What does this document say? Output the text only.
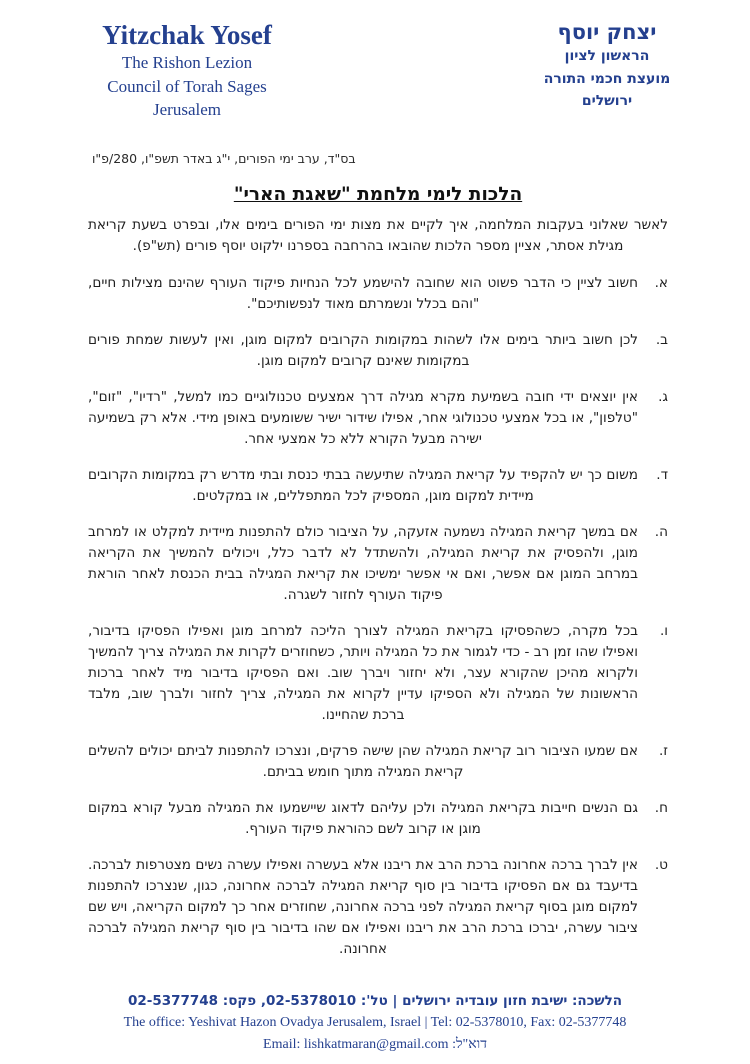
Yitzchak Yosef
The Rishon Lezion
Council of Torah Sages
Jerusalem
יצחק יוסף
הראשון לציון
מועצת חכמי התורה
ירושלים
בס"ד, ערב ימי הפורים, י"ג באדר תשפ"ו, 280/פ"ו
הלכות לימי מלחמת "שאגת הארי"
לאשר שאלוני בעקבות המלחמה, איך לקיים את מצות ימי הפורים בימים אלו, ובפרט בשעת קריאת מגילת אסתר, אציין מספר הלכות שהובאו בהרחבה בספרנו ילקוט יוסף פורים (תש"פ).
א.
חשוב לציין כי הדבר פשוט הוא שחובה להישמע לכל הנחיות פיקוד העורף שהינם מצילות חיים, "והם בכלל ונשמרתם מאוד לנפשותיכם".
ב.
לכן חשוב ביותר בימים אלו לשהות במקומות הקרובים למקום מוגן, ואין לעשות שמחת פורים במקומות שאינם קרובים למקום מוגן.
ג.
אין יוצאים ידי חובה בשמיעת מקרא מגילה דרך אמצעים טכנולוגיים כמו למשל, "רדיו", "זום", "טלפון", או בכל אמצעי טכנולוגי אחר, אפילו שידור ישיר ששומעים באופן מידי. אלא רק בשמיעה ישירה מבעל הקורא ללא כל אמצעי אחר.
ד.
משום כך יש להקפיד על קריאת המגילה שתיעשה בבתי כנסת ובתי מדרש רק במקומות הקרובים מיידית למקום מוגן, המספיק לכל המתפללים, או במקלטים.
ה.
אם במשך קריאת המגילה נשמעה אזעקה, על הציבור כולם להתפנות מיידית למקלט או למרחב מוגן, ולהפסיק את קריאת המגילה, ולהשתדל לא לדבר כלל, ויכולים להמשיך את הקריאה במרחב המוגן אם אפשר, ואם אי אפשר ימשיכו את קריאת המגילה בבית הכנסת לאחר הוראת פיקוד העורף לחזור לשגרה.
ו.
בכל מקרה, כשהפסיקו בקריאת המגילה לצורך הליכה למרחב מוגן ואפילו הפסיקו בדיבור, ואפילו שהו זמן רב - כדי לגמור את כל המגילה ויותר, כשחוזרים לקרות את המגילה צריך להמשיך ולקרוא מהיכן שהקורא עצר, ולא יחזור ויברך שוב. ואם הפסיקו בדיבור מיד לאחר ברכות הראשונות של המגילה ולא הספיקו עדיין לקרוא את המגילה, צריך לחזור ולברך שוב, מלבד ברכת שהחיינו.
ז.
אם שמעו הציבור רוב קריאת המגילה שהן שישה פרקים, ונצרכו להתפנות לביתם יכולים להשלים קריאת המגילה מתוך חומש בביתם.
ח.
גם הנשים חייבות בקריאת המגילה ולכן עליהם לדאוג שיישמעו את המגילה מבעל קורא במקום מוגן או קרוב לשם כהוראת פיקוד העורף.
ט.
אין לברך ברכה אחרונה ברכת הרב את ריבנו אלא בעשרה ואפילו עשרה נשים מצטרפות לברכה. בדיעבד גם אם הפסיקו בדיבור בין סוף קריאת המגילה לברכה אחרונה, כגון, שנצרכו להתפנות למקום מוגן בסוף קריאת המגילה לפני ברכה אחרונה, שחוזרים אחר כך למקום הקריאה, ויש שם ציבור עשרה, יברכו ברכת הרב את ריבנו ואפילו אם שהו בדיבור בין סוף קריאת המגילה לברכה אחרונה.
הלשכה: ישיבת חזון עובדיה ירושלים | טל': 02-5378010, פקס: 02-5377748
The office: Yeshivat Hazon Ovadya Jerusalem, Israel | Tel: 02-5378010, Fax: 02-5377748
דוא"ל: Email: lishkatmaran@gmail.com
